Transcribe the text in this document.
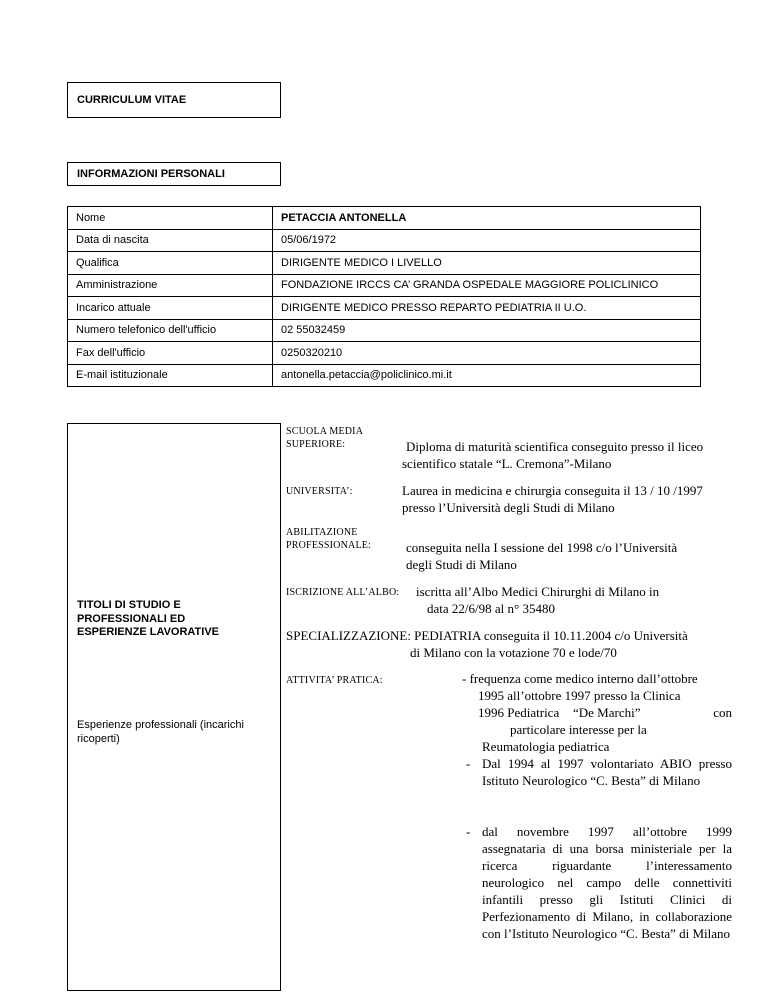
CURRICULUM VITAE
INFORMAZIONI PERSONALI
Nome	PETACCIA ANTONELLA
Data di nascita	05/06/1972
Qualifica	DIRIGENTE MEDICO I LIVELLO
Amministrazione	FONDAZIONE IRCCS CA’ GRANDA OSPEDALE MAGGIORE POLICLINICO
Incarico attuale	DIRIGENTE MEDICO PRESSO REPARTO PEDIATRIA II U.O.
Numero telefonico dell'ufficio	02 55032459
Fax dell'ufficio	0250320210
E-mail istituzionale	antonella.petaccia@policlinico.mi.it
TITOLI DI STUDIO E
PROFESSIONALI ED
ESPERIENZE LAVORATIVE
Esperienze professionali (incarichi
ricoperti)
SCUOLA MEDIA
SUPERIORE:	Diploma di maturità scientifica conseguito presso il liceo
scientifico statale “L. Cremona”-Milano
UNIVERSITA’:	Laurea in medicina e chirurgia conseguita il 13 / 10 /1997
presso l’Università degli Studi di Milano
ABILITAZIONE
PROFESSIONALE:	conseguita nella I sessione del 1998 c/o l’Università
degli Studi di Milano
ISCRIZIONE ALL’ALBO: iscritta all’Albo Medici Chirurghi di Milano in
data 22/6/98 al n° 35480
SPECIALIZZAZIONE: PEDIATRIA conseguita il 10.11.2004 c/o Università
di Milano con la votazione 70 e lode/70
ATTIVITA’ PRATICA:	- frequenza come medico interno dall’ottobre
1995 all’ottobre 1997 presso la Clinica
1996 Pediatrica “De Marchi”	con
particolare interesse per la
Reumatologia pediatrica
- Dal 1994 al 1997 volontariato ABIO presso Istituto Neurologico “C. Besta” di Milano
- dal novembre 1997 all’ottobre 1999 assegnataria di una borsa ministeriale per la ricerca riguardante l’interessamento neurologico nel campo delle connettiviti infantili presso gli Istituti Clinici di Perfezionamento di Milano, in collaborazione con l’Istituto Neurologico “C. Besta” di Milano
